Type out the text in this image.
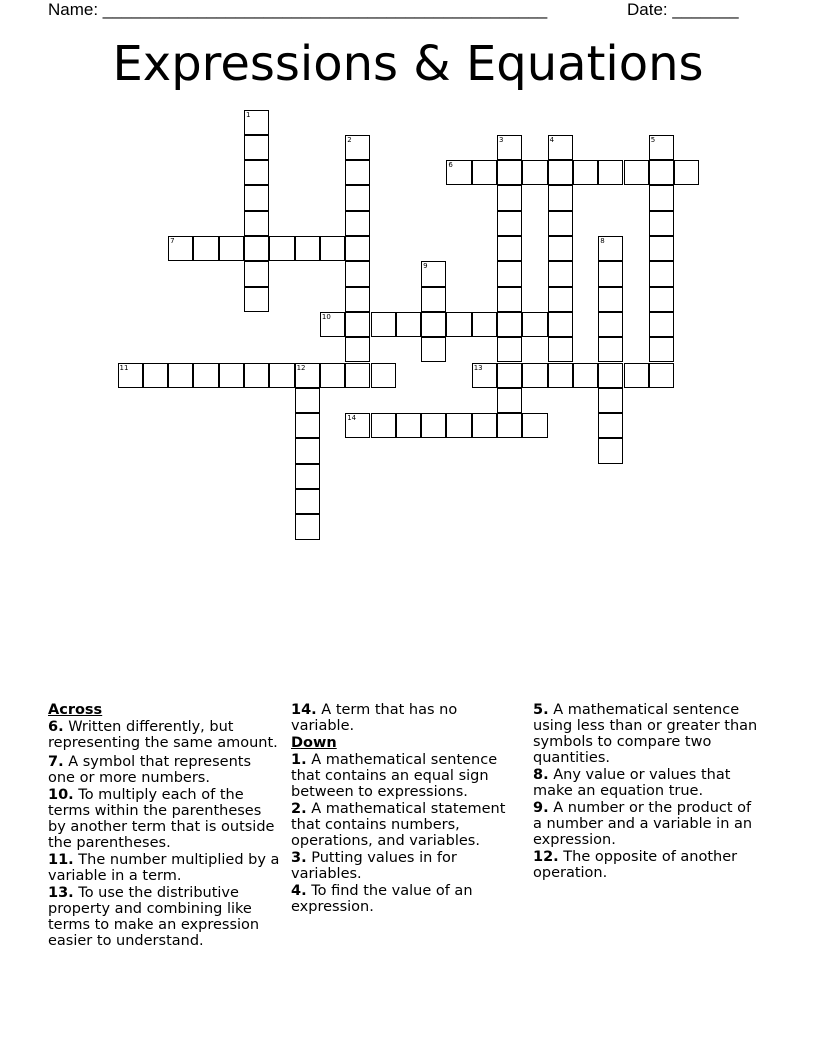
Name: _______________________________________________	Date: _______
Expressions & Equations
1
2	3	4	5
6
7	8
9
10
11	12	13
14
Across
6. Written differently, but representing the same amount.
7. A symbol that represents one or more numbers.
10. To multiply each of the terms within the parentheses by another term that is outside the parentheses.
11. The number multiplied by a variable in a term.
13. To use the distributive property and combining like terms to make an expression easier to understand.
14. A term that has no variable.
Down
1. A mathematical sentence that contains an equal sign between to expressions.
2. A mathematical statement that contains numbers, operations, and variables.
3. Putting values in for variables.
4. To find the value of an expression.
5. A mathematical sentence using less than or greater than symbols to compare two quantities.
8. Any value or values that make an equation true.
9. A number or the product of a number and a variable in an expression.
12. The opposite of another operation.
